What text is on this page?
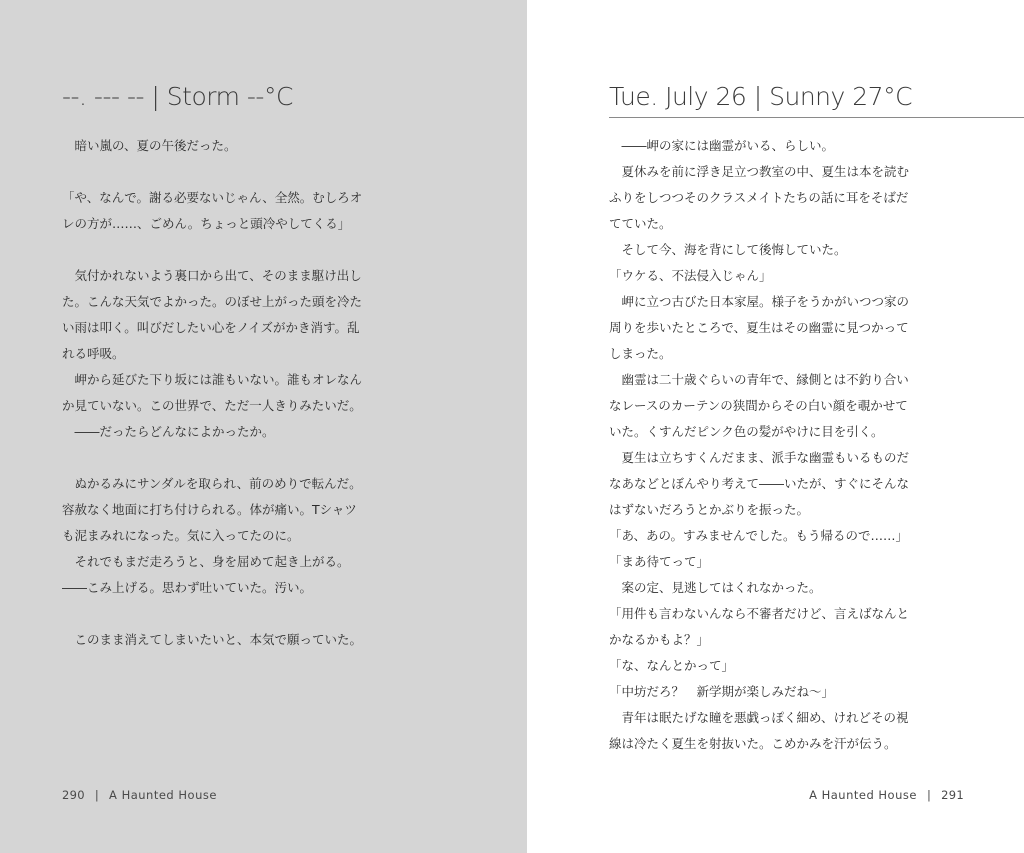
--. --- -- | Storm --°C
暗い嵐の、夏の午後だった。
「や、なんで。謝る必要ないじゃん、全然。むしろオ
レの方が……、ごめん。ちょっと頭冷やしてくる」
気付かれないよう裏口から出て、そのまま駆け出し
た。こんな天気でよかった。のぼせ上がった頭を冷た
い雨は叩く。叫びだしたい心をノイズがかき消す。乱
れる呼吸。
岬から延びた下り坂には誰もいない。誰もオレなん
か見ていない。この世界で、ただ一人きりみたいだ。
――だったらどんなによかったか。
ぬかるみにサンダルを取られ、前のめりで転んだ。
容赦なく地面に打ち付けられる。体が痛い。Tシャツ
も泥まみれになった。気に入ってたのに。
それでもまだ走ろうと、身を屈めて起き上がる。
――こみ上げる。思わず吐いていた。汚い。
このまま消えてしまいたいと、本気で願っていた。
290 | A Haunted House
Tue. July 26 | Sunny 27°C
――岬の家には幽霊がいる、らしい。
夏休みを前に浮き足立つ教室の中、夏生は本を読む
ふりをしつつそのクラスメイトたちの話に耳をそばだ
てていた。
そして今、海を背にして後悔していた。
「ウケる、不法侵入じゃん」
岬に立つ古びた日本家屋。様子をうかがいつつ家の
周りを歩いたところで、夏生はその幽霊に見つかって
しまった。
幽霊は二十歳ぐらいの青年で、縁側とは不釣り合い
なレースのカーテンの狭間からその白い顔を覗かせて
いた。くすんだピンク色の髪がやけに目を引く。
夏生は立ちすくんだまま、派手な幽霊もいるものだ
なあなどとぼんやり考えて――いたが、すぐにそんな
はずないだろうとかぶりを振った。
「あ、あの。すみませんでした。もう帰るので……」
「まあ待てって」
案の定、見逃してはくれなかった。
「用件も言わないんなら不審者だけど、言えばなんと
かなるかもよ？」
「な、なんとかって」
「中坊だろ？　新学期が楽しみだね～」
青年は眠たげな瞳を悪戯っぽく細め、けれどその視
線は冷たく夏生を射抜いた。こめかみを汗が伝う。
A Haunted House | 291
